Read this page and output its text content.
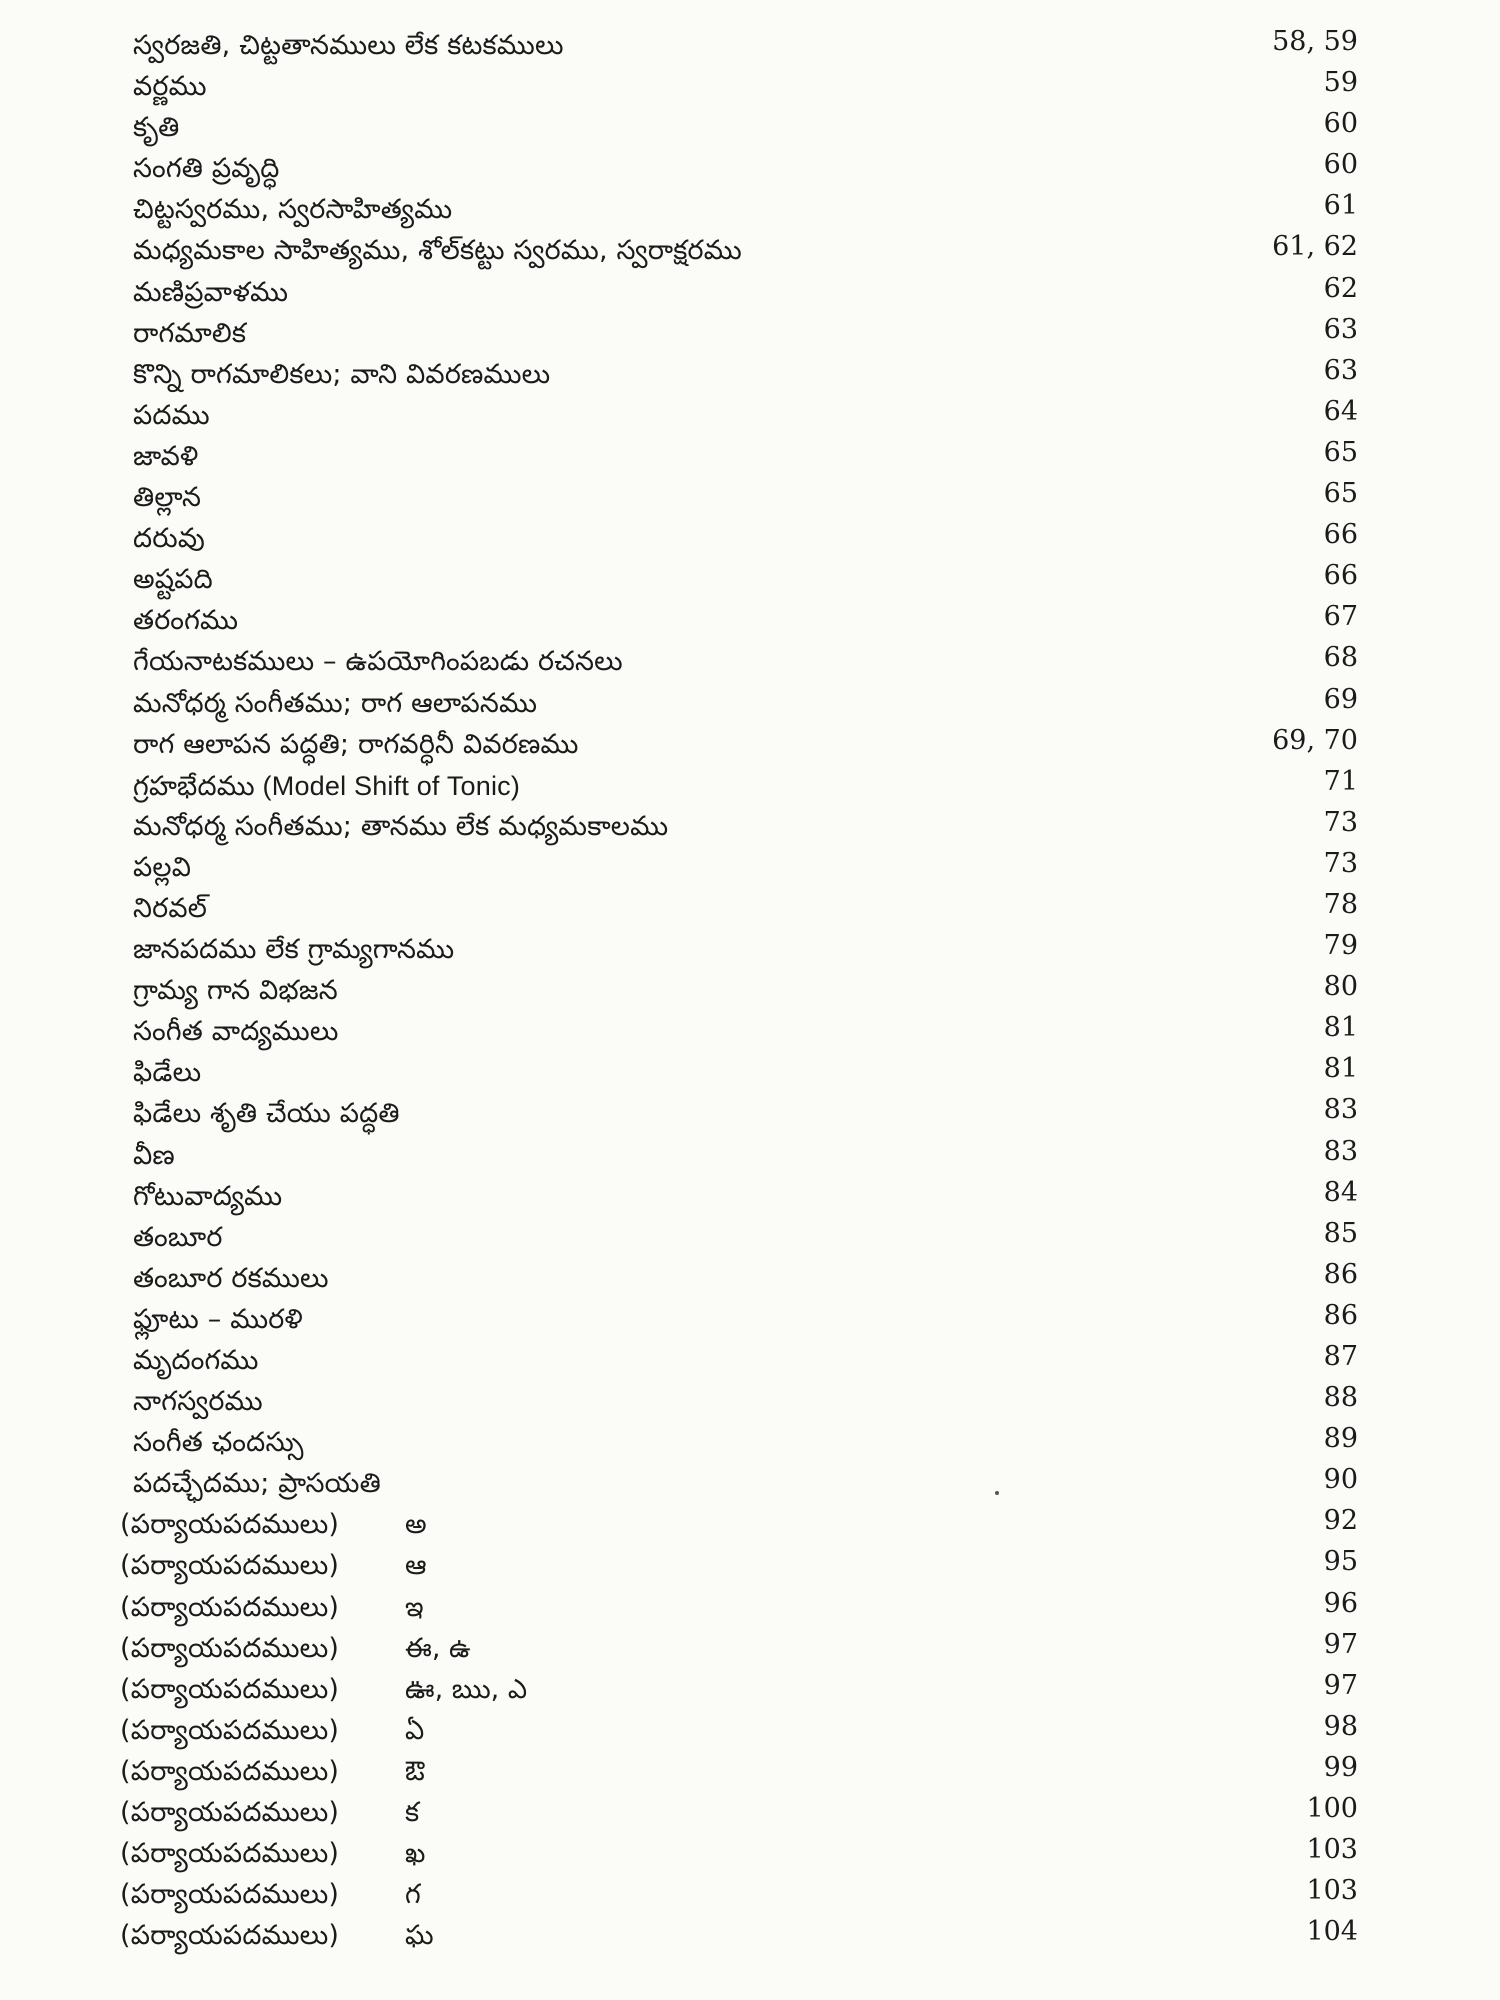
స్వరజతి, చిట్టతానములు లేక కటకములు	58, 59
వర్ణము	59
కృతి	60
సంగతి ప్రవృద్ధి	60
చిట్టస్వరము, స్వరసాహిత్యము	61
మధ్యమకాల సాహిత్యము, శోల్‌కట్టు స్వరము, స్వరాక్షరము	61, 62
మణిప్రవాళము	62
రాగమాలిక	63
కొన్ని రాగమాలికలు; వాని వివరణములు	63
పదము	64
జావళి	65
తిల్లాన	65
దరువు	66
అష్టపది	66
తరంగము	67
గేయనాటకములు – ఉపయోగింపబడు రచనలు	68
మనోధర్మ సంగీతము; రాగ ఆలాపనము	69
రాగ ఆలాపన పద్ధతి; రాగవర్ధినీ వివరణము	69, 70
గ్రహభేదము (Model Shift of Tonic)	71
మనోధర్మ సంగీతము; తానము లేక మధ్యమకాలము	73
పల్లవి	73
నిరవల్	78
జానపదము లేక గ్రామ్యగానము	79
గ్రామ్య గాన విభజన	80
సంగీత వాద్యములు	81
ఫిడేలు	81
ఫిడేలు శృతి చేయు పద్ధతి	83
వీణ	83
గోటువాద్యము	84
తంబూర	85
తంబూర రకములు	86
ఫ్లూటు – మురళి	86
మృదంగము	87
నాగస్వరము	88
సంగీత ఛందస్సు	89
పదచ్ఛేదము; ప్రాసయతి	90
(పర్యాయపదములు) అ	92
(పర్యాయపదములు) ఆ	95
(పర్యాయపదములు) ఇ	96
(పర్యాయపదములు) ఈ, ఉ	97
(పర్యాయపదములు) ఊ, ఋ, ఎ	97
(పర్యాయపదములు) ఏ	98
(పర్యాయపదములు) ఔ	99
(పర్యాయపదములు) క	100
(పర్యాయపదములు) ఖ	103
(పర్యాయపదములు) గ	103
(పర్యాయపదములు) ఘ	104
